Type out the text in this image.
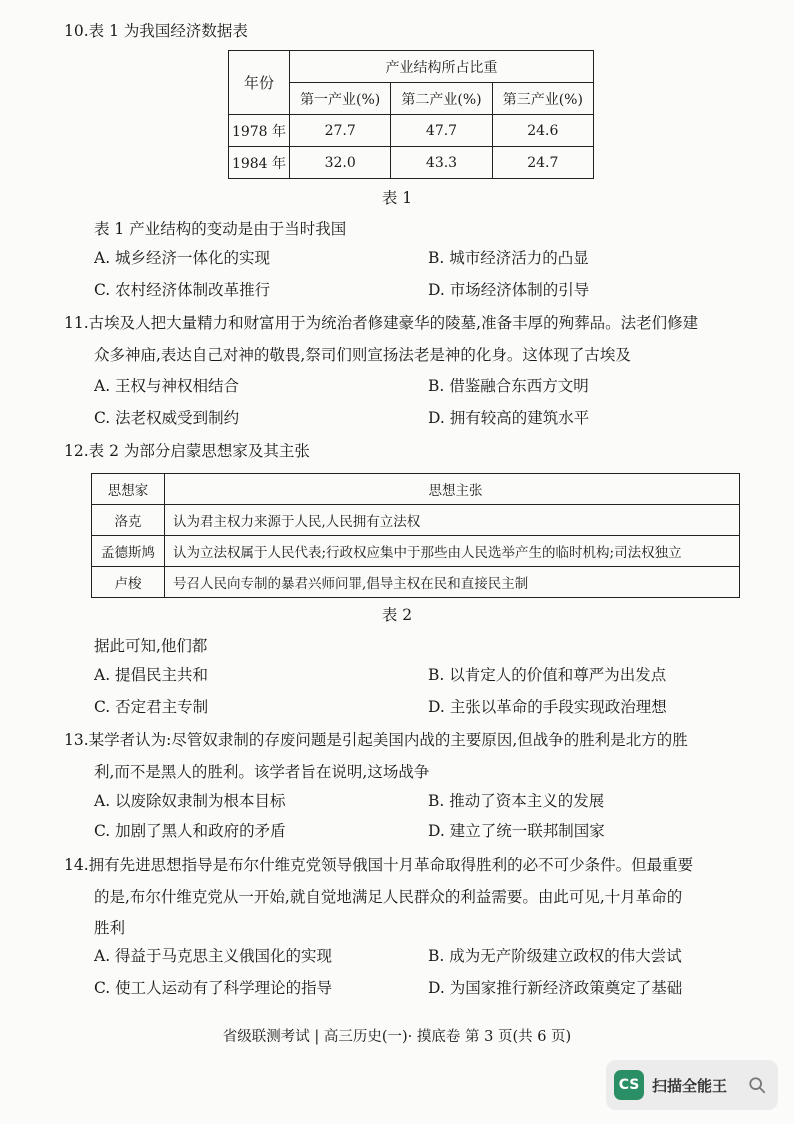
10.表 1 为我国经济数据表
年份	产业结构所占比重		
	第一产业(%)	第二产业(%)	第三产业(%)
1978 年	27.7	47.7	24.6
1984 年	32.0	43.3	24.7
表 1
表 1 产业结构的变动是由于当时我国
A. 城乡经济一体化的实现	B. 城市经济活力的凸显
C. 农村经济体制改革推行	D. 市场经济体制的引导
11.古埃及人把大量精力和财富用于为统治者修建豪华的陵墓,准备丰厚的殉葬品。法老们修建
众多神庙,表达自己对神的敬畏,祭司们则宣扬法老是神的化身。这体现了古埃及
A. 王权与神权相结合	B. 借鉴融合东西方文明
C. 法老权威受到制约	D. 拥有较高的建筑水平
12.表 2 为部分启蒙思想家及其主张
思想家	思想主张
洛克	认为君主权力来源于人民,人民拥有立法权
孟德斯鸠	认为立法权属于人民代表;行政权应集中于那些由人民选举产生的临时机构;司法权独立
卢梭	号召人民向专制的暴君兴师问罪,倡导主权在民和直接民主制
表 2
据此可知,他们都
A. 提倡民主共和	B. 以肯定人的价值和尊严为出发点
C. 否定君主专制	D. 主张以革命的手段实现政治理想
13.某学者认为:尽管奴隶制的存废问题是引起美国内战的主要原因,但战争的胜利是北方的胜
利,而不是黑人的胜利。该学者旨在说明,这场战争
A. 以废除奴隶制为根本目标	B. 推动了资本主义的发展
C. 加剧了黑人和政府的矛盾	D. 建立了统一联邦制国家
14.拥有先进思想指导是布尔什维克党领导俄国十月革命取得胜利的必不可少条件。但最重要
的是,布尔什维克党从一开始,就自觉地满足人民群众的利益需要。由此可见,十月革命的
胜利
A. 得益于马克思主义俄国化的实现	B. 成为无产阶级建立政权的伟大尝试
C. 使工人运动有了科学理论的指导	D. 为国家推行新经济政策奠定了基础
省级联测考试 | 高三历史(一)· 摸底卷 第 3 页(共 6 页)
CS 扫描全能王
